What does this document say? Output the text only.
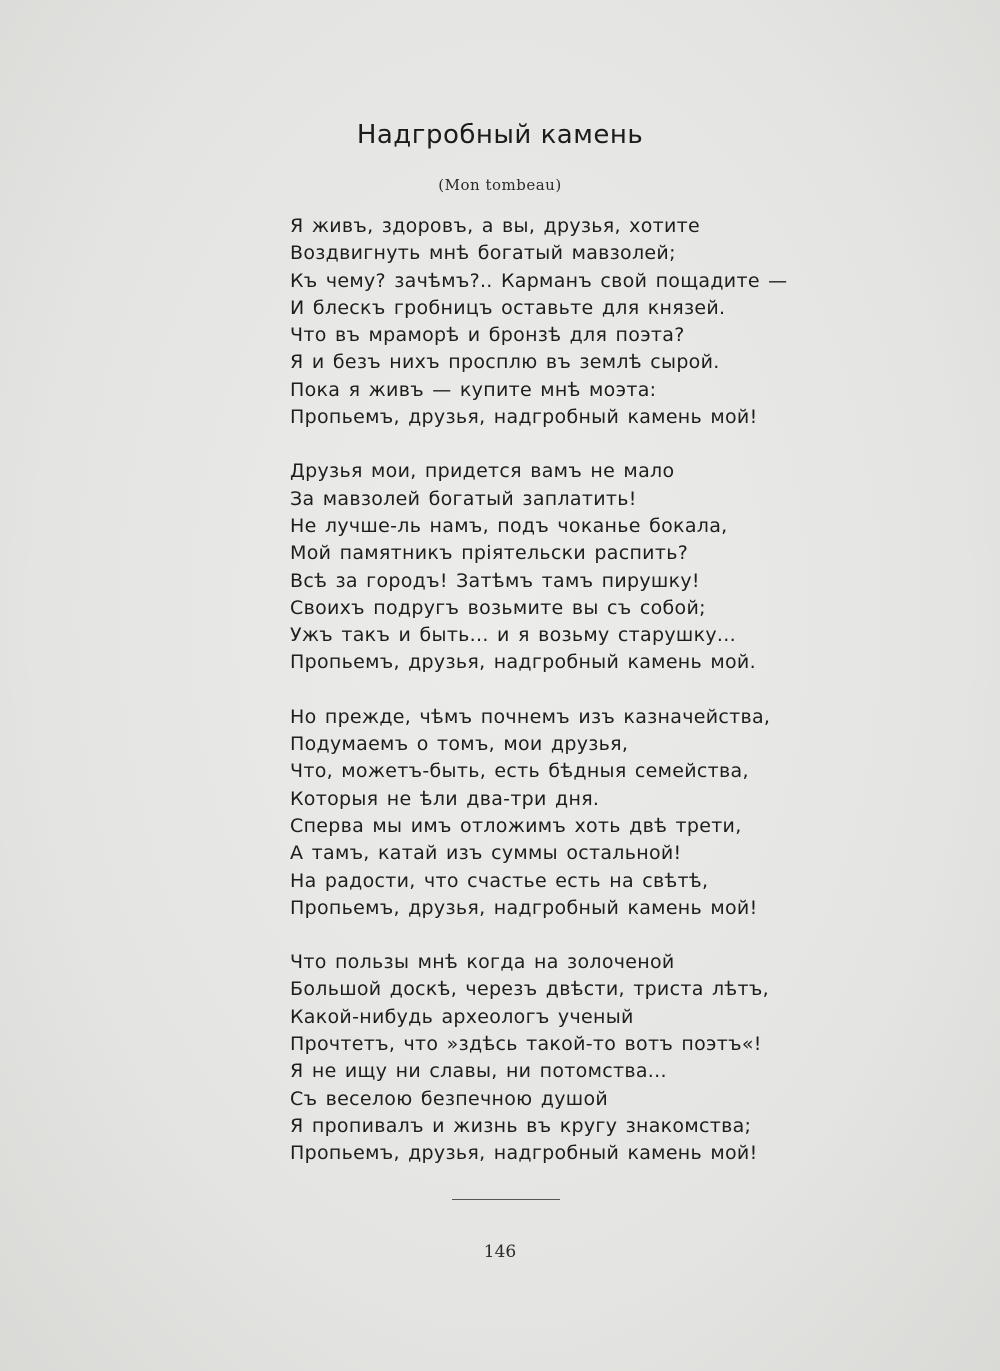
Надгробный камень
(Mon tombeau)
Я живъ, здоровъ, а вы, друзья, хотите
Воздвигнуть мнѣ богатый мавзолей;
Къ чему? зачѣмъ?.. Карманъ свой пощадите —
И блескъ гробницъ оставьте для князей.
Что въ мраморѣ и бронзѣ для поэта?
Я и безъ нихъ просплю въ землѣ сырой.
Пока я живъ — купите мнѣ моэта:
Пропьемъ, друзья, надгробный камень мой!
Друзья мои, придется вамъ не мало
За мавзолей богатый заплатить!
Не лучше-ль намъ, подъ чоканье бокала,
Мой памятникъ пріятельски распить?
Всѣ за городъ! Затѣмъ тамъ пирушку!
Своихъ подругъ возьмите вы съ собой;
Ужъ такъ и быть... и я возьму старушку...
Пропьемъ, друзья, надгробный камень мой.
Но прежде, чѣмъ почнемъ изъ казначейства,
Подумаемъ о томъ, мои друзья,
Что, можетъ-быть, есть бѣдныя семейства,
Которыя не ѣли два-три дня.
Сперва мы имъ отложимъ хоть двѣ трети,
А тамъ, катай изъ суммы остальной!
На радости, что счастье есть на свѣтѣ,
Пропьемъ, друзья, надгробный камень мой!
Что пользы мнѣ когда на золоченой
Большой доскѣ, черезъ двѣсти, триста лѣтъ,
Какой-нибудь археологъ ученый
Прочтетъ, что »здѣсь такой-то вотъ поэтъ«!
Я не ищу ни славы, ни потомства...
Съ веселою безпечною душой
Я пропивалъ и жизнь въ кругу знакомства;
Пропьемъ, друзья, надгробный камень мой!
146
